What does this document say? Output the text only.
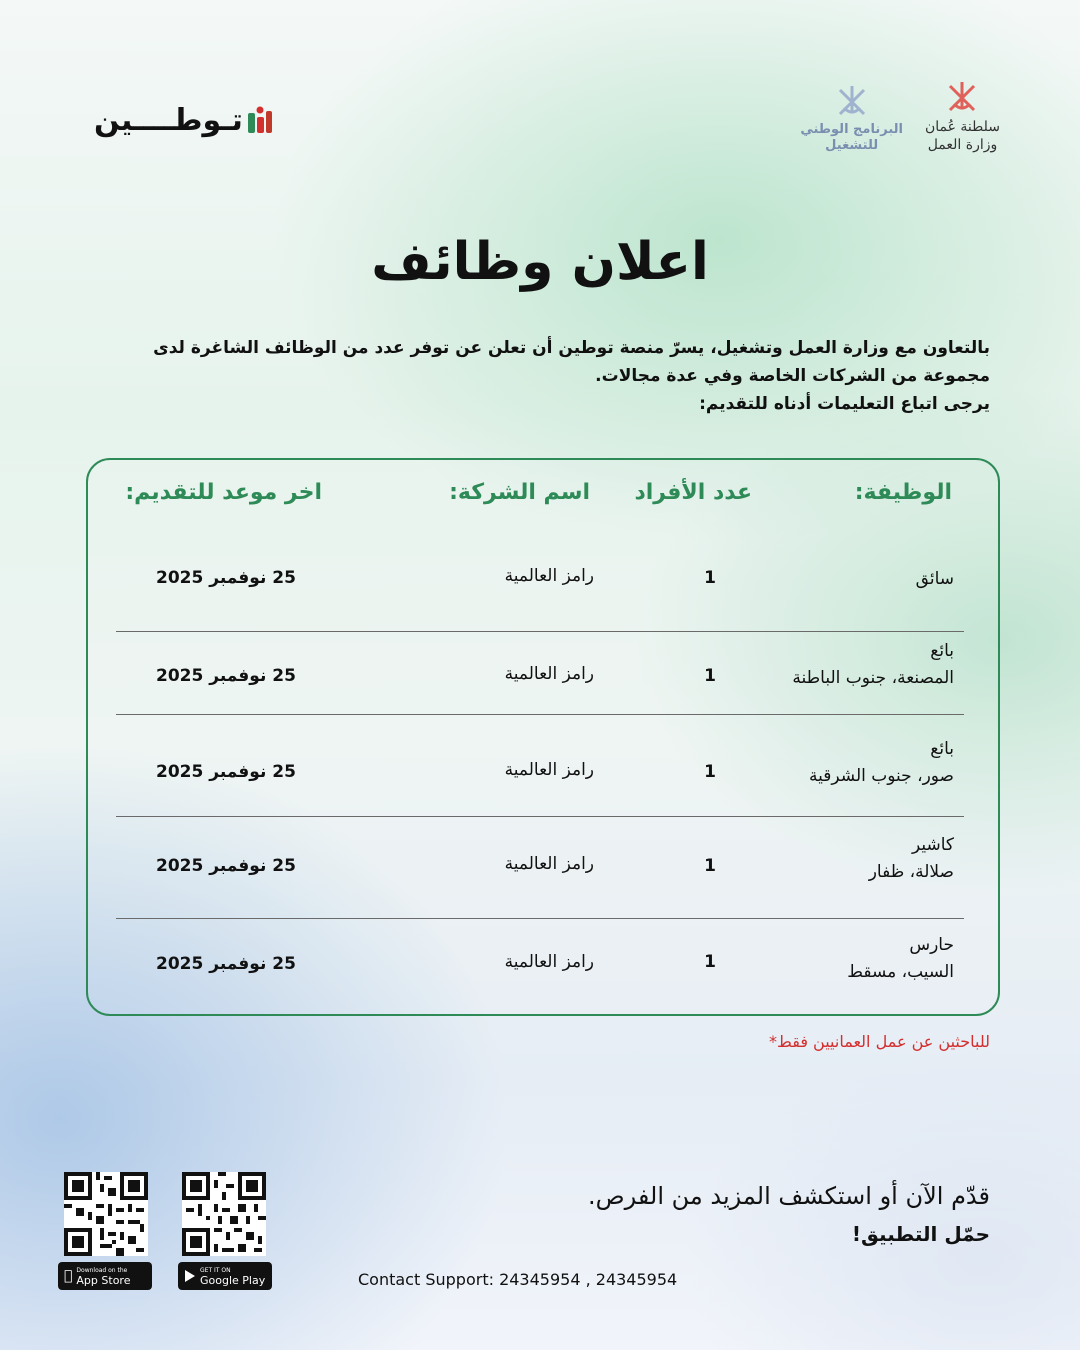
تـوطــــين	البرنامج الوطني
للتشغيل
سلطنة عُمان
وزارة العمل
اعلان وظائف

بالتعاون مع وزارة العمل وتشغيل، يسرّ منصة توطين أن تعلن عن توفر عدد من الوظائف الشاغرة لدى مجموعة من الشركات الخاصة وفي عدة مجالات.

يرجى اتباع التعليمات أدناه للتقديم:

الوظيفة:
عدد الأفراد
اسم الشركة:
اخر موعد للتقديم:
سائق
1
رامز العالمية
25 نوفمبر 2025
بائع
المصنعة، جنوب الباطنة
1
رامز العالمية
25 نوفمبر 2025
بائع
صور، جنوب الشرقية
1
رامز العالمية
25 نوفمبر 2025
كاشير
صلالة، ظفار
1
رامز العالمية
25 نوفمبر 2025
حارس
السيب، مسقط
1
رامز العالمية
25 نوفمبر 2025
للباحثين عن عمل العمانيين فقط*
قدّم الآن أو استكشف المزيد من الفرص.
حمّل التطبيق!
Contact Support: 24345954 , 24345954
Download on the
App Store
GET IT ON
Google Play
